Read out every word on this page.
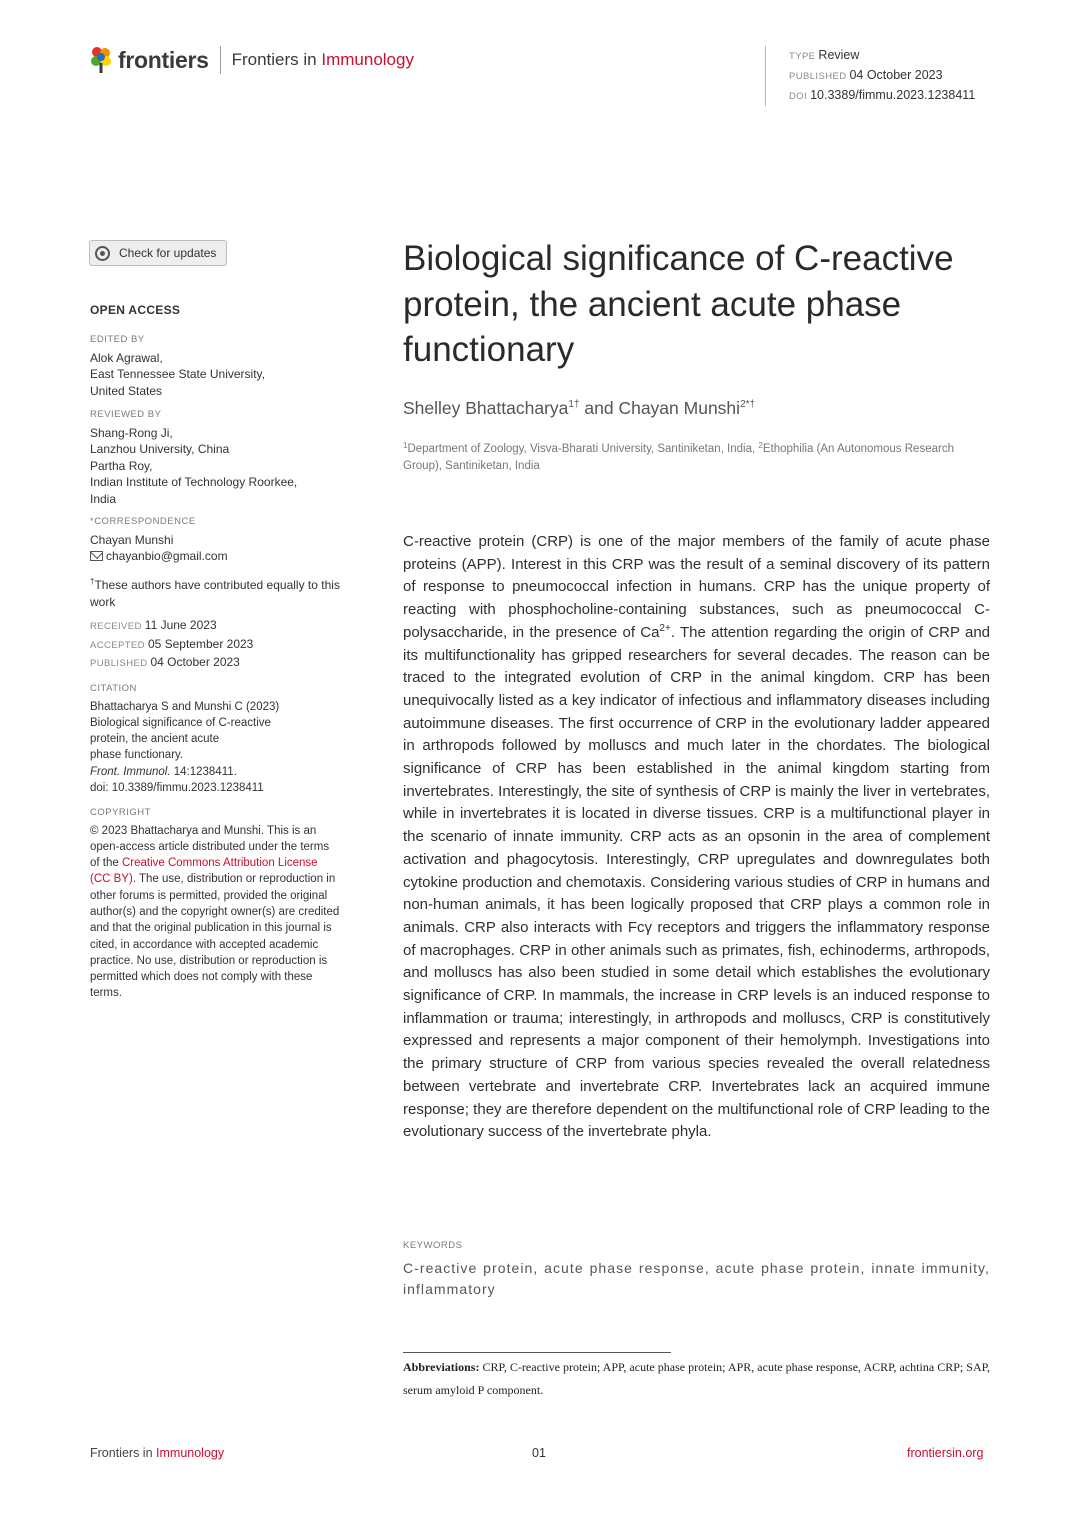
frontiers Frontiers in Immunology	TYPE Review
PUBLISHED 04 October 2023
DOI 10.3389/fimmu.2023.1238411
Check for updates
OPEN ACCESS
EDITED BY
Alok Agrawal,
East Tennessee State University,
United States
REVIEWED BY
Shang-Rong Ji,
Lanzhou University, China
Partha Roy,
Indian Institute of Technology Roorkee,
India
*CORRESPONDENCE
Chayan Munshi
chayanbio@gmail.com
†These authors have contributed equally to this work
RECEIVED 11 June 2023
ACCEPTED 05 September 2023
PUBLISHED 04 October 2023
CITATION
Bhattacharya S and Munshi C (2023)
Biological significance of C-reactive
protein, the ancient acute
phase functionary.
Front. Immunol. 14:1238411.
doi: 10.3389/fimmu.2023.1238411
COPYRIGHT
© 2023 Bhattacharya and Munshi. This is an open-access article distributed under the terms of the Creative Commons Attribution License (CC BY). The use, distribution or reproduction in other forums is permitted, provided the original author(s) and the copyright owner(s) are credited and that the original publication in this journal is cited, in accordance with accepted academic practice. No use, distribution or reproduction is permitted which does not comply with these terms.
Biological significance of C-reactive protein, the ancient acute phase functionary
Shelley Bhattacharya$^{1\dagger}$ and Chayan Munshi$^{2*\dagger}$
$^1$Department of Zoology, Visva-Bharati University, Santiniketan, India, $^2$Ethophilia (An Autonomous Research Group), Santiniketan, India

C-reactive protein (CRP) is one of the major members of the family of acute phase proteins (APP). Interest in this CRP was the result of a seminal discovery of its pattern of response to pneumococcal infection in humans. CRP has the unique property of reacting with phosphocholine-containing substances, such as pneumococcal C-polysaccharide, in the presence of $Ca^{2+}$. The attention regarding the origin of CRP and its multifunctionality has gripped researchers for several decades. The reason can be traced to the integrated evolution of CRP in the animal kingdom. CRP has been unequivocally listed as a key indicator of infectious and inflammatory diseases including autoimmune diseases. The first occurrence of CRP in the evolutionary ladder appeared in arthropods followed by molluscs and much later in the chordates. The biological significance of CRP has been established in the animal kingdom starting from invertebrates. Interestingly, the site of synthesis of CRP is mainly the liver in vertebrates, while in invertebrates it is located in diverse tissues. CRP is a multifunctional player in the scenario of innate immunity. CRP acts as an opsonin in the area of complement activation and phagocytosis. Interestingly, CRP upregulates and downregulates both cytokine production and chemotaxis. Considering various studies of CRP in humans and non-human animals, it has been logically proposed that CRP plays a common role in animals. CRP also interacts with Fcγ receptors and triggers the inflammatory response of macrophages. CRP in other animals such as primates, fish, echinoderms, arthropods, and molluscs has also been studied in some detail which establishes the evolutionary significance of CRP. In mammals, the increase in CRP levels is an induced response to inflammation or trauma; interestingly, in arthropods and molluscs, CRP is constitutively expressed and represents a major component of their hemolymph. Investigations into the primary structure of CRP from various species revealed the overall relatedness between vertebrate and invertebrate CRP. Invertebrates lack an acquired immune response; they are therefore dependent on the multifunctional role of CRP leading to the evolutionary success of the invertebrate phyla.

KEYWORDS
C-reactive protein, acute phase response, acute phase protein, innate immunity, inflammatory
Abbreviations: CRP, C-reactive protein; APP, acute phase protein; APR, acute phase response, ACRP, achtina CRP; SAP, serum amyloid P component.
Frontiers in Immunology	01	frontiersin.org
